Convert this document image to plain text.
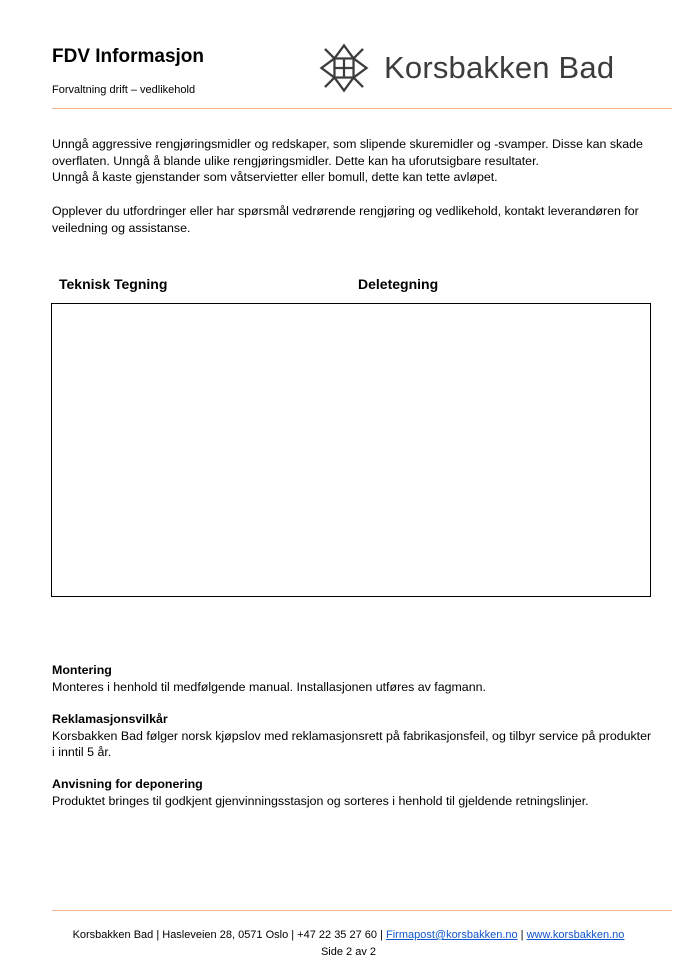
FDV Informasjon
Forvaltning drift – vedlikehold
Korsbakken Bad
Unngå aggressive rengjøringsmidler og redskaper, som slipende skuremidler og -svamper. Disse kan skade overflaten. Unngå å blande ulike rengjøringsmidler. Dette kan ha uforutsigbare resultater.
Unngå å kaste gjenstander som våtservietter eller bomull, dette kan tette avløpet.
Opplever du utfordringer eller har spørsmål vedrørende rengjøring og vedlikehold, kontakt leverandøren for veiledning og assistanse.
Teknisk Tegning	Deletegning
Montering
Monteres i henhold til medfølgende manual. Installasjonen utføres av fagmann.
Reklamasjonsvilkår
Korsbakken Bad følger norsk kjøpslov med reklamasjonsrett på fabrikasjonsfeil, og tilbyr service på produkter i inntil 5 år.
Anvisning for deponering
Produktet bringes til godkjent gjenvinningsstasjon og sorteres i henhold til gjeldende retningslinjer.
Korsbakken Bad | Hasleveien 28, 0571 Oslo | +47 22 35 27 60 | Firmapost@korsbakken.no | www.korsbakken.no
Side 2 av 2
